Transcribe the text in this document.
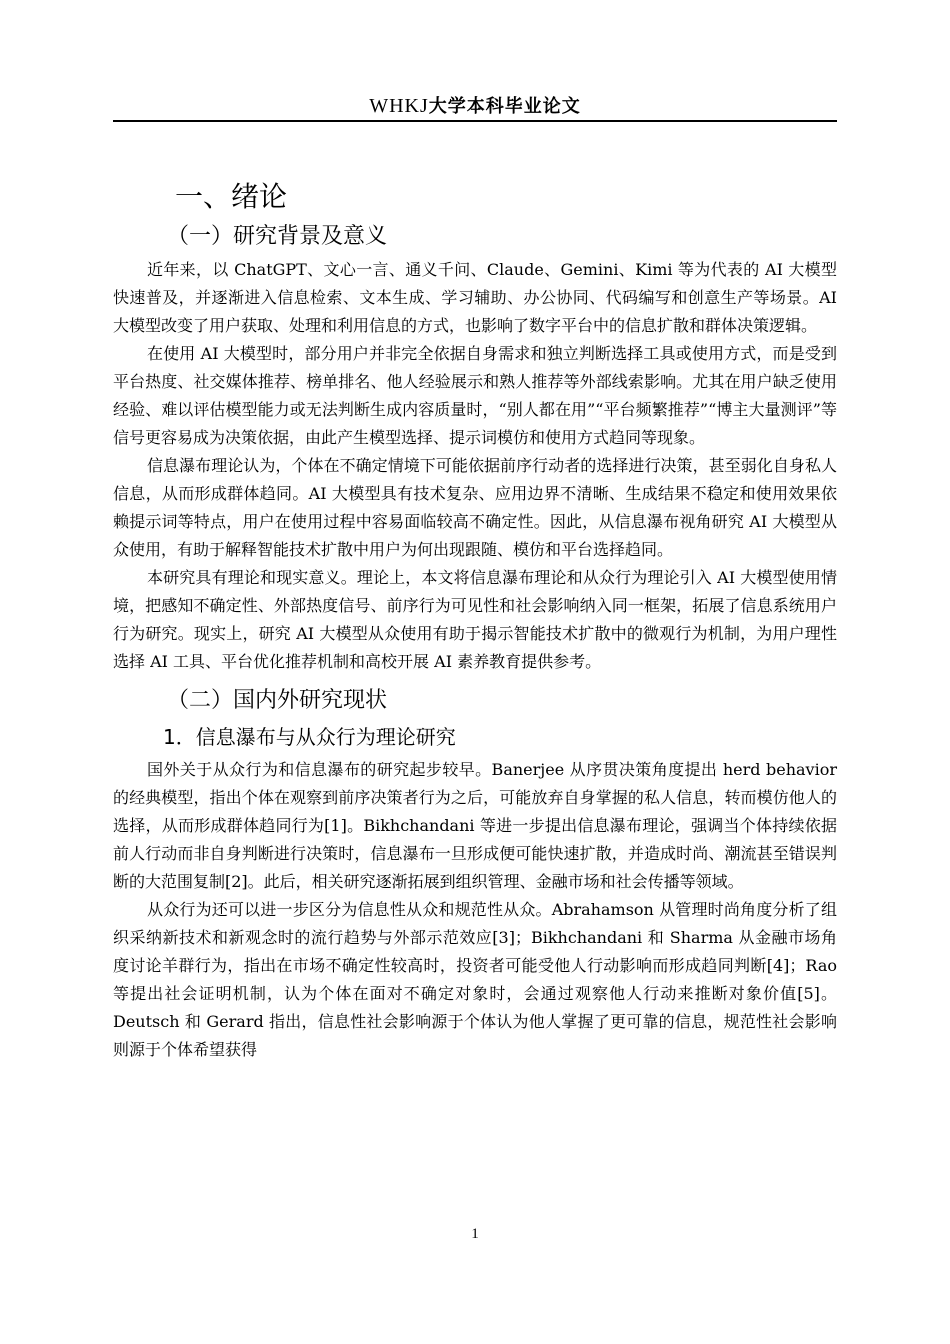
WHKJ大学本科毕业论文
一、绪论
（一）研究背景及意义

近年来，以 ChatGPT、文心一言、通义千问、Claude、Gemini、Kimi 等为代表的 AI 大模型快速普及，并逐渐进入信息检索、文本生成、学习辅助、办公协同、代码编写和创意生产等场景。AI 大模型改变了用户获取、处理和利用信息的方式，也影响了数字平台中的信息扩散和群体决策逻辑。

在使用 AI 大模型时，部分用户并非完全依据自身需求和独立判断选择工具或使用方式，而是受到平台热度、社交媒体推荐、榜单排名、他人经验展示和熟人推荐等外部线索影响。尤其在用户缺乏使用经验、难以评估模型能力或无法判断生成内容质量时，“别人都在用”“平台频繁推荐”“博主大量测评”等信号更容易成为决策依据，由此产生模型选择、提示词模仿和使用方式趋同等现象。

信息瀑布理论认为，个体在不确定情境下可能依据前序行动者的选择进行决策，甚至弱化自身私人信息，从而形成群体趋同。AI 大模型具有技术复杂、应用边界不清晰、生成结果不稳定和使用效果依赖提示词等特点，用户在使用过程中容易面临较高不确定性。因此，从信息瀑布视角研究 AI 大模型从众使用，有助于解释智能技术扩散中用户为何出现跟随、模仿和平台选择趋同。

本研究具有理论和现实意义。理论上，本文将信息瀑布理论和从众行为理论引入 AI 大模型使用情境，把感知不确定性、外部热度信号、前序行为可见性和社会影响纳入同一框架，拓展了信息系统用户行为研究。现实上，研究 AI 大模型从众使用有助于揭示智能技术扩散中的微观行为机制，为用户理性选择 AI 工具、平台优化推荐机制和高校开展 AI 素养教育提供参考。

（二）国内外研究现状
1．信息瀑布与从众行为理论研究

国外关于从众行为和信息瀑布的研究起步较早。Banerjee 从序贯决策角度提出 herd behavior 的经典模型，指出个体在观察到前序决策者行为之后，可能放弃自身掌握的私人信息，转而模仿他人的选择，从而形成群体趋同行为[1]。Bikhchandani 等进一步提出信息瀑布理论，强调当个体持续依据前人行动而非自身判断进行决策时，信息瀑布一旦形成便可能快速扩散，并造成时尚、潮流甚至错误判断的大范围复制[2]。此后，相关研究逐渐拓展到组织管理、金融市场和社会传播等领域。

从众行为还可以进一步区分为信息性从众和规范性从众。Abrahamson 从管理时尚角度分析了组织采纳新技术和新观念时的流行趋势与外部示范效应[3]；Bikhchandani 和 Sharma 从金融市场角度讨论羊群行为，指出在市场不确定性较高时，投资者可能受他人行动影响而形成趋同判断[4]；Rao 等提出社会证明机制，认为个体在面对不确定对象时，会通过观察他人行动来推断对象价值[5]。Deutsch 和 Gerard 指出，信息性社会影响源于个体认为他人掌握了更可靠的信息，规范性社会影响则源于个体希望获得

1
